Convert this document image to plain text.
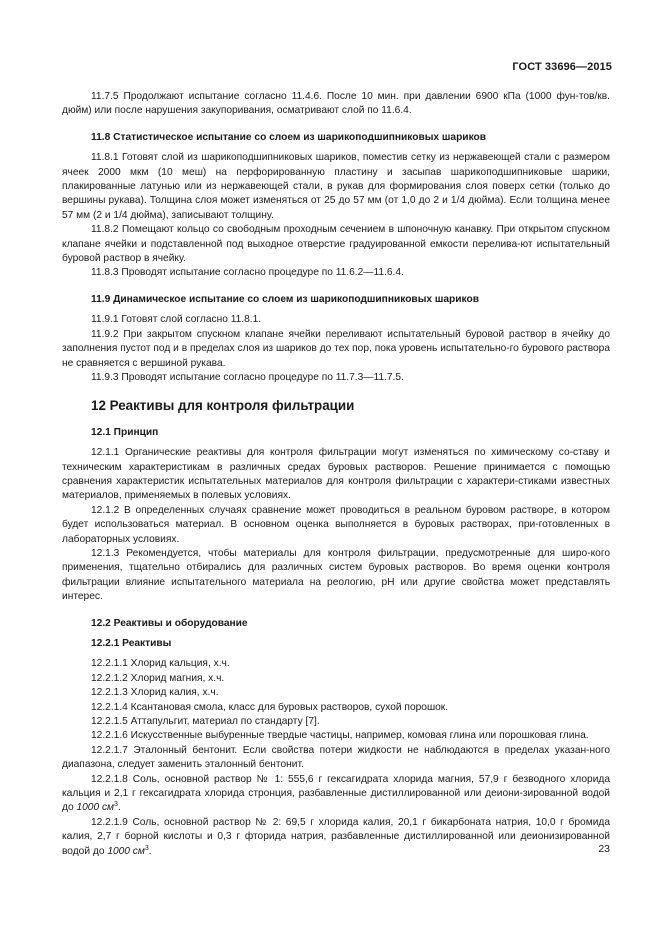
ГОСТ 33696—2015
11.7.5 Продолжают испытание согласно 11.4.6. После 10 мин. при давлении 6900 кПа (1000 фун-тов/кв. дюйм) или после нарушения закупоривания, осматривают слой по 11.6.4.
11.8 Статистическое испытание со слоем из шарикоподшипниковых шариков
11.8.1 Готовят слой из шарикоподшипниковых шариков, поместив сетку из нержавеющей стали с размером ячеек 2000 мкм (10 меш) на перфорированную пластину и засыпав шарикоподшипниковые шарики, плакированные латунью или из нержавеющей стали, в рукав для формирования слоя поверх сетки (только до вершины рукава). Толщина слоя может изменяться от 25 до 57 мм (от 1,0 до 2 и 1/4 дюйма). Если толщина менее 57 мм (2 и 1/4 дюйма), записывают толщину.
11.8.2 Помещают кольцо со свободным проходным сечением в шпоночную канавку. При открытом спускном клапане ячейки и подставленной под выходное отверстие градуированной емкости перелива-ют испытательный буровой раствор в ячейку.
11.8.3 Проводят испытание согласно процедуре по 11.6.2—11.6.4.
11.9 Динамическое испытание со слоем из шарикоподшипниковых шариков
11.9.1 Готовят слой согласно 11.8.1.
11.9.2 При закрытом спускном клапане ячейки переливают испытательный буровой раствор в ячейку до заполнения пустот под и в пределах слоя из шариков до тех пор, пока уровень испытательно-го бурового раствора не сравняется с вершиной рукава.
11.9.3 Проводят испытание согласно процедуре по 11.7.3—11.7.5.
12 Реактивы для контроля фильтрации
12.1 Принцип
12.1.1 Органические реактивы для контроля фильтрации могут изменяться по химическому со-ставу и техническим характеристикам в различных средах буровых растворов. Решение принимается с помощью сравнения характеристик испытательных материалов для контроля фильтрации с характери-стиками известных материалов, применяемых в полевых условиях.
12.1.2 В определенных случаях сравнение может проводиться в реальном буровом растворе, в котором будет использоваться материал. В основном оценка выполняется в буровых растворах, при-готовленных в лабораторных условиях.
12.1.3 Рекомендуется, чтобы материалы для контроля фильтрации, предусмотренные для широ-кого применения, тщательно отбирались для различных систем буровых растворов. Во время оценки контроля фильтрации влияние испытательного материала на реологию, pH или другие свойства может представлять интерес.
12.2 Реактивы и оборудование
12.2.1 Реактивы
12.2.1.1 Хлорид кальция, х.ч.
12.2.1.2 Хлорид магния, х.ч.
12.2.1.3 Хлорид калия, х.ч.
12.2.1.4 Ксантановая смола, класс для буровых растворов, сухой порошок.
12.2.1.5 Аттапульгит, материал по стандарту [7].
12.2.1.6 Искусственные выбуренные твердые частицы, например, комовая глина или порошковая глина.
12.2.1.7 Эталонный бентонит. Если свойства потери жидкости не наблюдаются в пределах указан-ного диапазона, следует заменить эталонный бентонит.
12.2.1.8 Соль, основной раствор № 1: 555,6 г гексагидрата хлорида магния, 57,9 г безводного хлорида кальция и 2,1 г гексагидрата хлорида стронция, разбавленные дистиллированной или деиони-зированной водой до 1000 $см^3$.
12.2.1.9 Соль, основной раствор № 2: 69,5 г хлорида калия, 20,1 г бикарбоната натрия, 10,0 г бромида калия, 2,7 г борной кислоты и 0,3 г фторида натрия, разбавленные дистиллированной или деионизированной водой до 1000 $см^3$.	23
